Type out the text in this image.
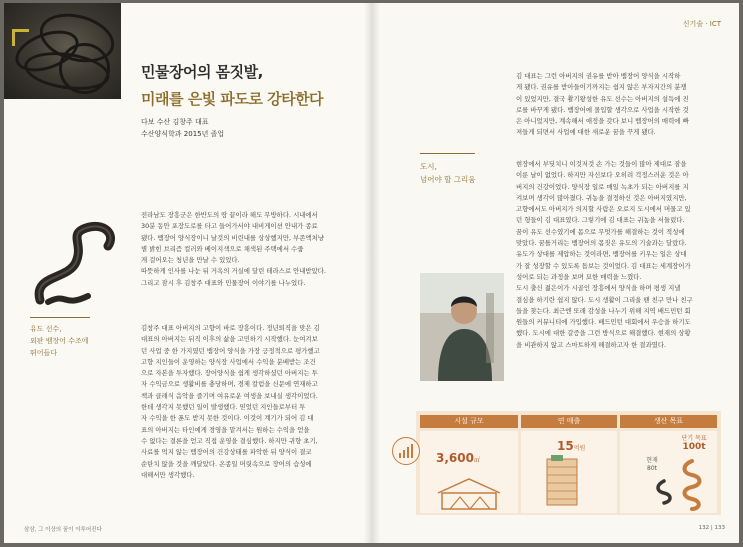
민물장어의 몸짓발,
미래를 은빛 파도로 강타한다
다보 수산 김창주 대표
수산양식학과 2015년 졸업
전라남도 장흥군은 한반도의 땅 끝이라 해도 무방하다. 시내에서
30분 동안 포장도로를 타고 들어가서야 내비게이션 안내가 종료
됐다. 뱀장어 양식장이니 날것의 비린내를 상상했지만, 부존액처냥
볕 밝힌 브리즘 컬러와 베이지색으로 채색된 주택에서 수줍
게 걸어오는 청년을 만날 수 있었다.
따뜻하게 인사를 나눈 뒤 거옥의 거실에 달린 테라스로 안내받았다.
그리고 잠시 후 김창주 대표와 민물장어 이야기를 나누었다.
유도 선수,
외판 뱀장어 수조에
뛰어들다
김창주 대표 아버지의 고향이 바로 장흥이다. 정년퇴직을 맞은 김
대표의 아버지는 뒤직 이후의 삶을 고민하기 시작했다. 눈여겨보
던 사업 중 한 가지였던 뱀장어 양식을 가장 긍정적으로 평가했고
고향 지인들이 운영하는 양식장 사업에서 수익을 분배받는 조건
으로 자본을 투자했다. 장어양식을 쉽게 생각하셨던 아버지는 투
자 수익금으로 생활비를 충당하며, 경제 칼럼을 신문에 연재하고
책과 클래식 음악을 즐기며 여유로운 여생을 보내실 생각이었다.
한데 생각지 못했던 일이 발생했다. 믿었던 지인들로부터 투
자 수익을 한 푼도 받지 못한 것이다. 이것이 계기가 되어 김 대
표의 아버지는 타인에게 경영을 맡겨서는 원하는 수익을 얻을
수 없다는 결론을 얻고 직접 운영을 결심했다. 하지만 귀향 초기,
사료를 먹지 않는 뱀장어의 건강상태를 파악한 뒤 양식이 결코
순탄치 않을 것을 깨달았다. 온종일 머릿속으로 장어의 습성에
대해서만 생각했다.
삼삼, 그 이상의 꿈이 이루어진다
신기술 · ICT
김 대표는 그런 아버지의 권유를 받아 뱀장어 양식을 시작하
게 됐다. 권유를 받아들이기까지는 쉽지 않은 부자지간의 분쟁
이 있었지만, 결국 촬기왕성한 유도 선수는 아버지의 설득에 진
로를 바꾸게 됐다. 뱀장어에 몰입할 생각으로 사업을 시작한 것
은 아니었지만, 계속해서 애정을 갖다 보니 뱀장어의 매력에 빠
져들게 되면서 사업에 대한 새로운 꿈을 꾸게 됐다.
도시,
넘어야 할 그리움
현장에서 부딪치니 이것저것 손 가는 것들이 많아 제대로 잠을
이룬 날이 없었다. 하지만 자신보다 오히려 걱정스러운 것은 아
버지의 건강이었다. 양식장 일로 매일 녹초가 되는 아버지를 지
켜보며 생각이 많아졌다. 귀농을 결정하신 것은 아버지였지만,
고향에서도 아버지가 의지할 사람은 오로지 도시에서 머물고 있
던 형들이 김 대표였다. 그렇기에 김 대표는 귀농을 서둘렀다.
꿈이 유도 선수였기에 몸으로 무엇가를 해결하는 것이 적성에
맞았다. 꿈틀거리는 뱀장어의 몸짓은 유도의 기술과는 달랐다.
유도가 상대를 제압하는 것이라면, 뱀장어를 키우는 일은 상대
가 잘 성장할 수 있도록 돕보는 것이었다. 김 대표는 세계장어가
성어로 되는 과정을 보며 묘한 매력을 느꼈다.
도시 출신 젊은이가 시골인 장흥에서 양식을 하며 평생 지낼
결심을 하기란 쉽지 않다. 도시 생활이 그리울 땐 친구 만나 친구
들을 찾는다. 최근엔 또래 감성을 나누기 위해 지역 배드민턴 회
원들의 커뮤니티에 가입했다. 배드민턴 대회에서 우승을 하기도
했다. 도시에 대한 갈증을 그런 방식으로 해결했다. 현재의 상황
을 비관하지 않고 스마트하게 해결하고자 한 결과였다.
시설 규모	연 매출	생산 목표
3,600㎡
15억원
단기 목표
100t
현재
80t
132 | 133
